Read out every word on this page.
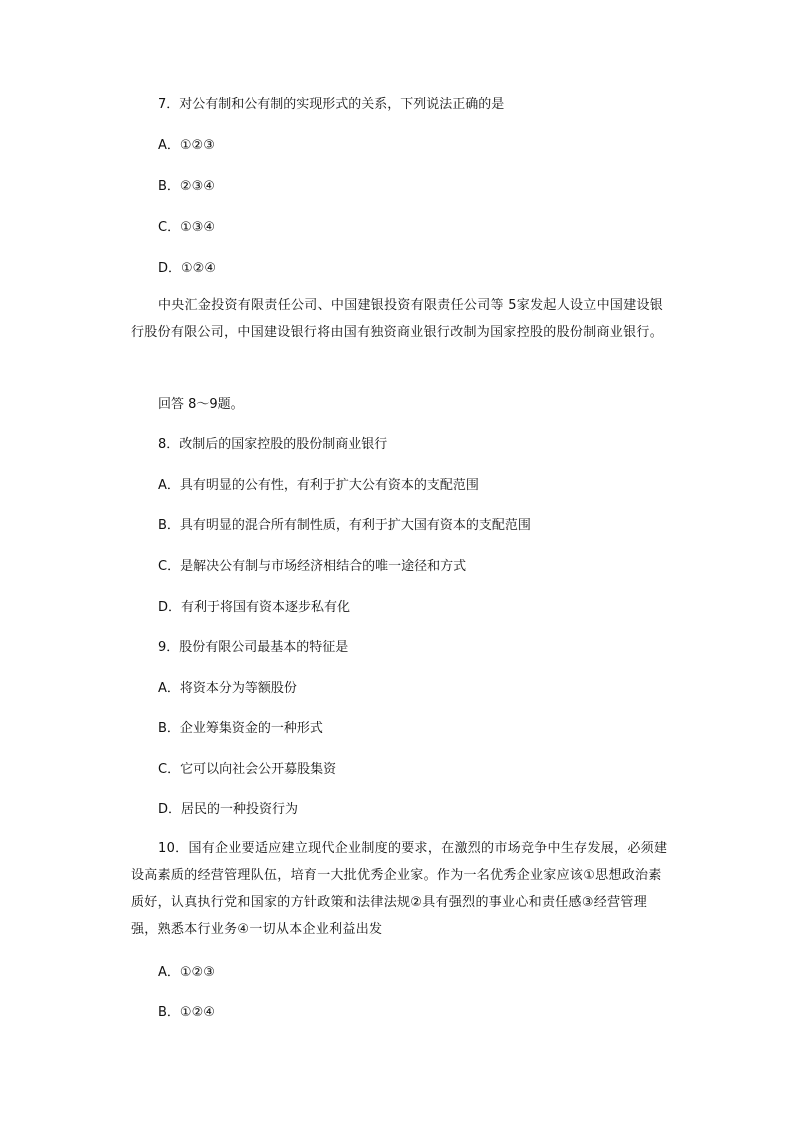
7．对公有制和公有制的实现形式的关系，下列说法正确的是
A．①②③
B．②③④
C．①③④
D．①②④
中央汇金投资有限责任公司、中国建银投资有限责任公司等 5家发起人设立中国建设银行股份有限公司，中国建设银行将由国有独资商业银行改制为国家控股的股份制商业银行。
回答 8～9题。
8．改制后的国家控股的股份制商业银行
A．具有明显的公有性，有利于扩大公有资本的支配范围
B．具有明显的混合所有制性质，有利于扩大国有资本的支配范围
C．是解决公有制与市场经济相结合的唯一途径和方式
D．有利于将国有资本逐步私有化
9．股份有限公司最基本的特征是
A．将资本分为等额股份
B．企业筹集资金的一种形式
C．它可以向社会公开募股集资
D．居民的一种投资行为
10．国有企业要适应建立现代企业制度的要求，在激烈的市场竞争中生存发展，必须建设高素质的经营管理队伍，培育一大批优秀企业家。作为一名优秀企业家应该①思想政治素质好，认真执行党和国家的方针政策和法律法规②具有强烈的事业心和责任感③经营管理强，熟悉本行业务④一切从本企业利益出发
A．①②③
B．①②④
